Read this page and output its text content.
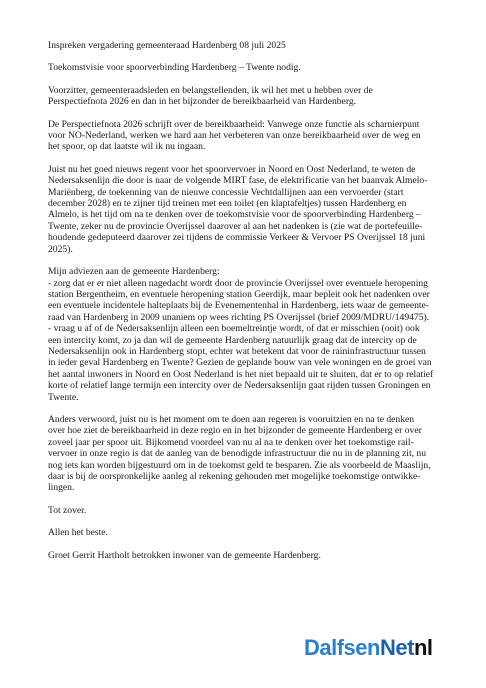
Inspreken vergadering gemeenteraad Hardenberg 08 juli 2025

Toekomstvisie voor spoorverbinding Hardenberg – Twente nodig.

Voorzitter, gemeenteraadsleden en belangstellenden, ik wil het met u hebben over de
Perspectiefnota 2026 en dan in het bijzonder de bereikbaarheid van Hardenberg.

De Perspectiefnota 2026 schrijft over de bereikbaarheid: Vanwege onze functie als scharnierpunt
voor NO-Nederland, werken we hard aan het verbeteren van onze bereikbaarheid over de weg en
het spoor, op dat laatste wil ik nu ingaan.

Juist nu het goed nieuws regent voor het spoorvervoer in Noord en Oost Nederland, te weten de
Nedersaksenlijn die door is naar de volgende MIRT fase, de elektrificatie van het baanvak Almelo-
Mariënberg, de toekenning van de nieuwe concessie Vechtdallijnen aan een vervoerder (start
december 2028) en te zijner tijd treinen met een toilet (en klaptafeltjes) tussen Hardenberg en
Almelo, is het tijd om na te denken over de toekomstvisie voor de spoorverbinding Hardenberg –
Twente, zeker nu de provincie Overijssel daarover al aan het nadenken is (zie wat de portefeuille-
houdende gedeputeerd daarover zei tijdens de commissie Verkeer & Vervoer PS Overijssel 18 juni
2025).

Mijn adviezen aan de gemeente Hardenberg:
- zorg dat er er niet alleen nagedacht wordt door de provincie Overijssel over eventuele heropening
station Bergentheim, en eventuele heropening station Geerdijk, maar bepleit ook het nadenken over
een eventuele incidentele halteplaats bij de Evenementenhal in Hardenberg, iets waar de gemeente-
raad van Hardenberg in 2009 unaniem op wees richting PS Overijssel (brief 2009/MDRU/149475).
- vraag u af of de Nedersaksenlijn alleen een boemeltreintje wordt, of dat er misschien (ooit) ook
een intercity komt, zo ja dan wil de gemeente Hardenberg natuurlijk graag dat de intercity op de
Nedersaksenlijn ook in Hardenberg stopt, echter wat betekent dat voor de raininfrastructuur tussen
in ieder geval Hardenberg en Twente? Gezien de geplande bouw van vele woningen en de groei van
het aantal inwoners in Noord en Oost Nederland is het niet bepaald uit te sluiten, dat er to op relatief
korte of relatief lange termijn een intercity over de Nedersaksenlijn gaat rijden tussen Groningen en
Twente.

Anders verwoord, juist nu is het moment om te doen aan regeren is vooruitzien en na te denken
over hoe ziet de bereikbaarheid in deze regio en in het bijzonder de gemeente Hardenberg er over
zoveel jaar per spoor uit. Bijkomend voordeel van nu al na te denken over het toekomstige rail-
vervoer in onze regio is dat de aanleg van de benodigde infrastructuur die nu in de planning zit, nu
nog iets kan worden bijgestuurd om in de toekomst geld te besparen. Zie als voorbeeld de Maaslijn,
daar is bij de oorspronkelijke aanleg al rekening gehouden met mogelijke toekomstige ontwikke-
lingen.

Tot zover.

Allen het beste.

Groet Gerrit Hartholt betrokken inwoner van de gemeente Hardenberg.

DalfsenNetnl
